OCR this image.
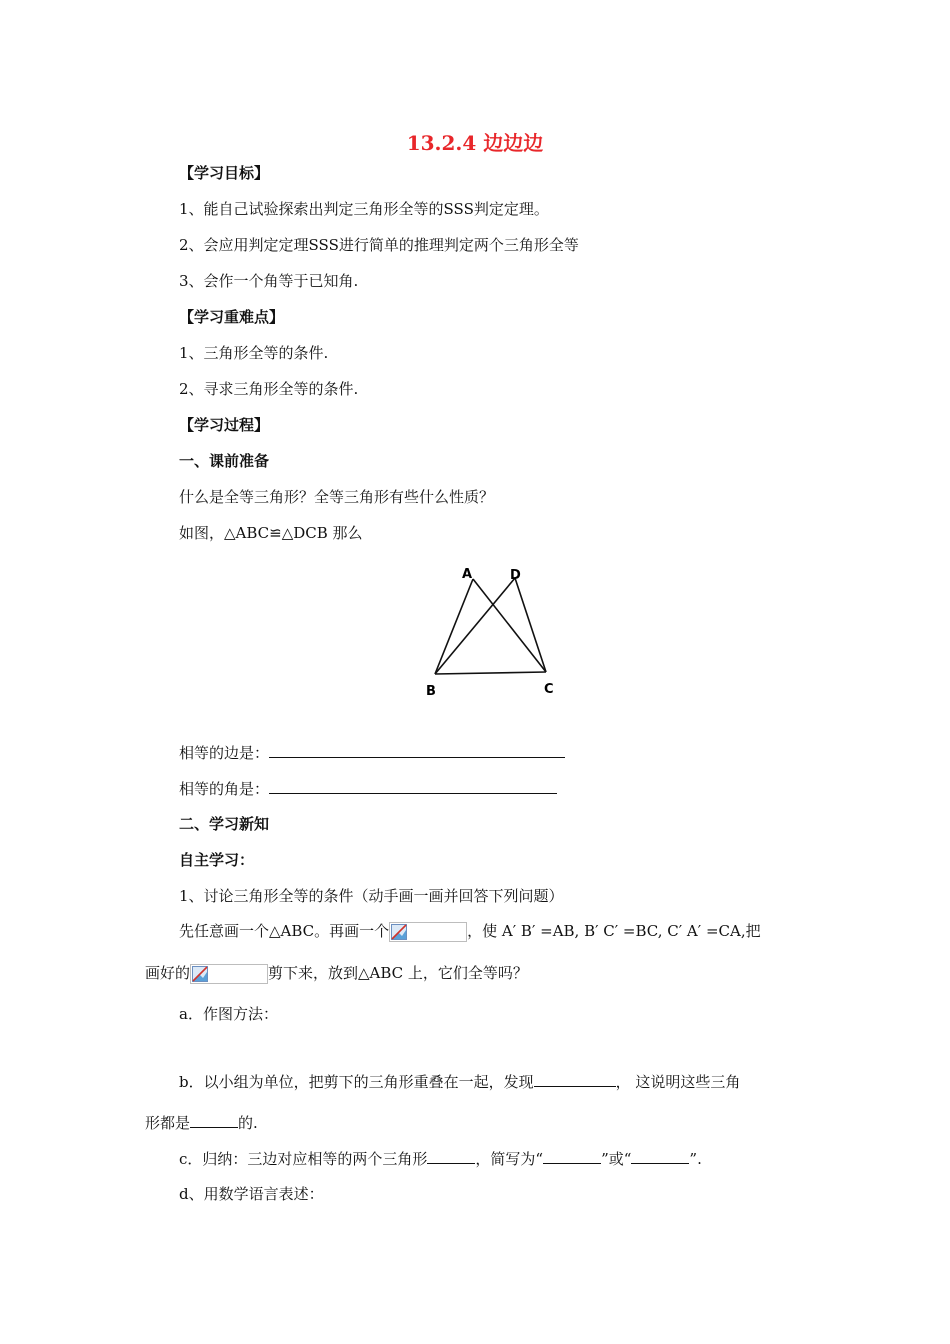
13.2.4 边边边
【学习目标】
1、能自己试验探索出判定三角形全等的SSS判定定理。
2、会应用判定定理SSS进行简单的推理判定两个三角形全等
3、会作一个角等于已知角.
【学习重难点】
1、三角形全等的条件.
2、寻求三角形全等的条件.
【学习过程】
一、课前准备
什么是全等三角形？全等三角形有些什么性质？
如图，△ABC≌△DCB 那么
A	D
B	C
相等的边是：
相等的角是：
二、学习新知
自主学习：
1、讨论三角形全等的条件（动手画一画并回答下列问题）
先任意画一个△ABC。再画一个	，使 A′ B′ =AB, B′ C′ =BC, C′ A′ =CA,把
画好的	剪下来，放到△ABC 上，它们全等吗？
a．作图方法：
b．以小组为单位，把剪下的三角形重叠在一起，发现	， 这说明这些三角
形都是	的.
c．归纳：三边对应相等的两个三角形	，简写为“	”或“	”.
d、用数学语言表述：
